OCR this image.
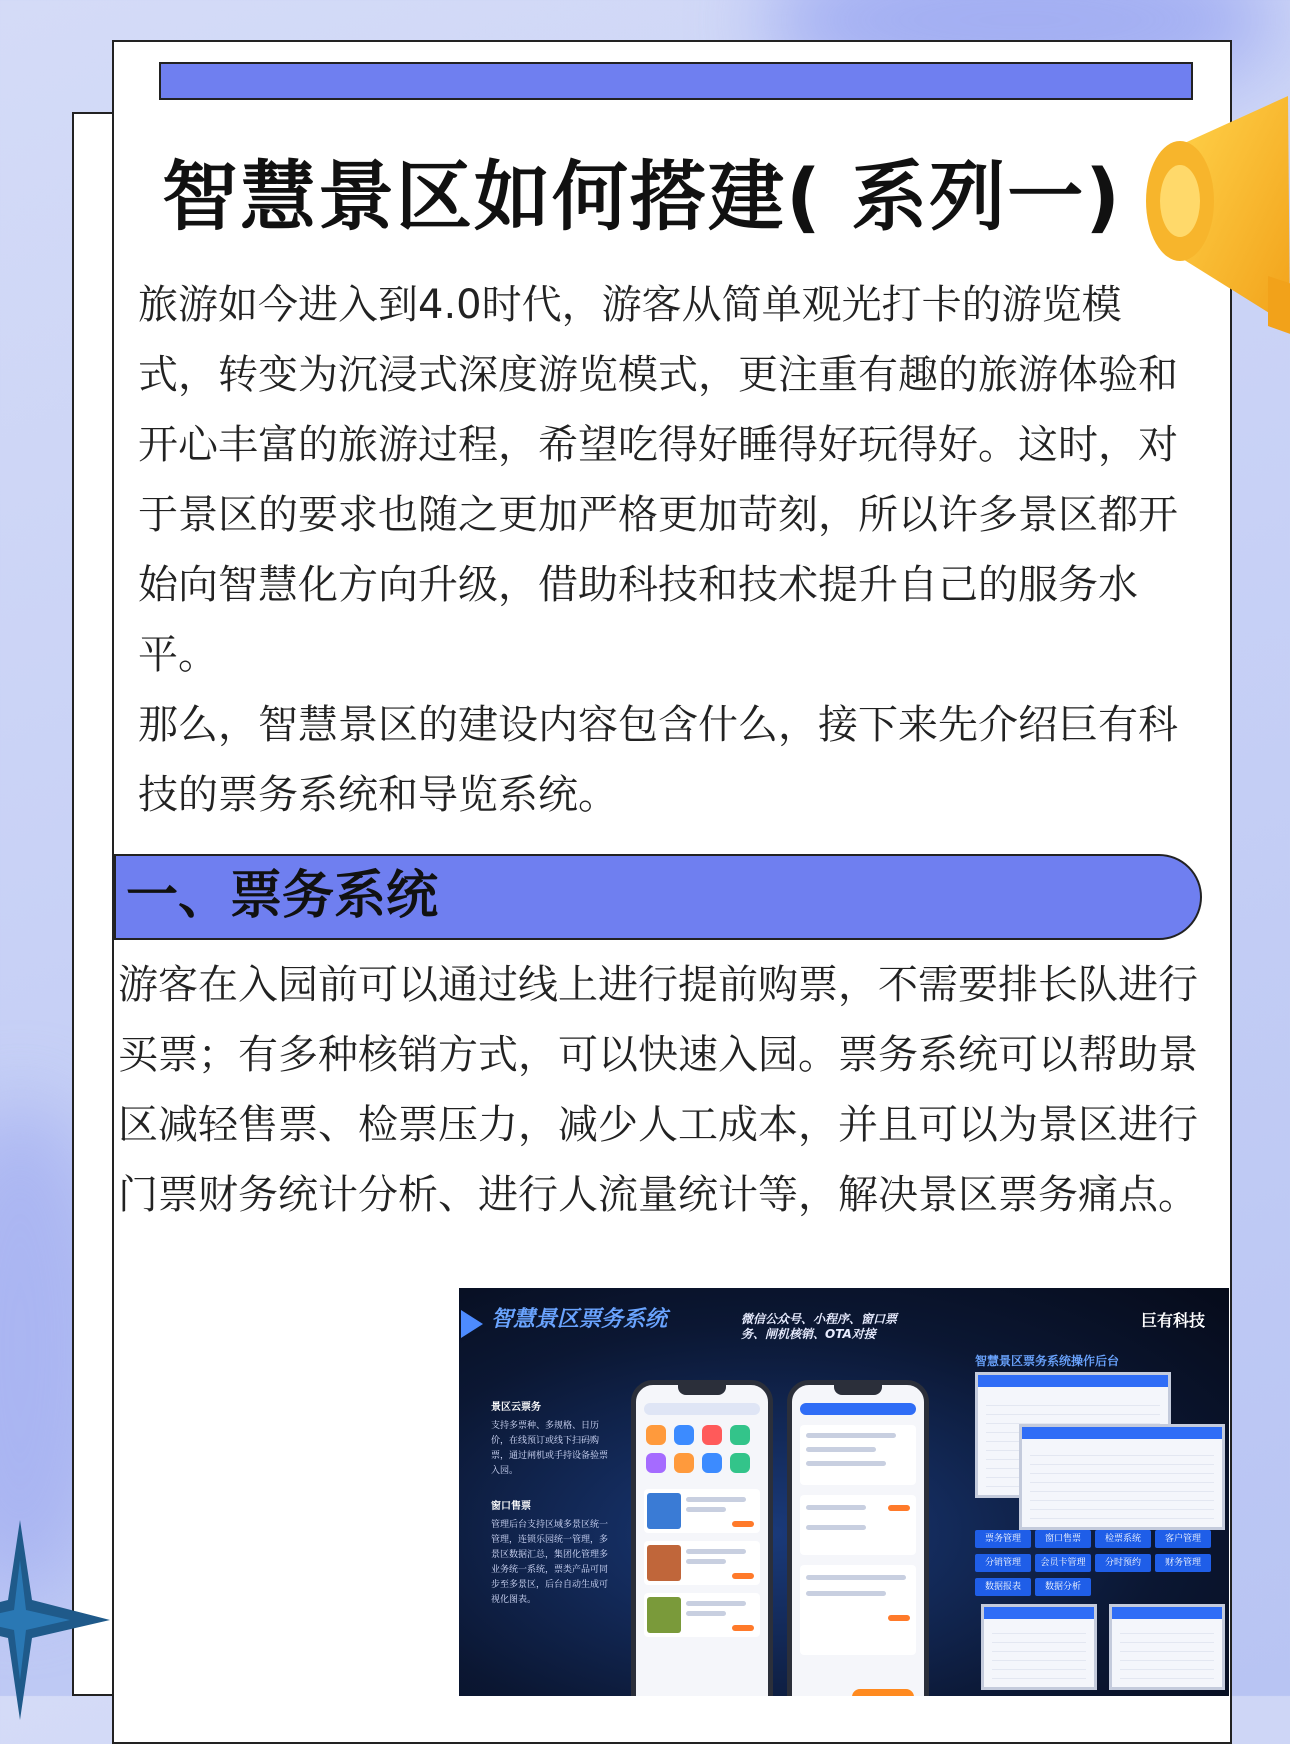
智慧景区如何搭建( 系列一)

旅游如今进入到4.0时代，游客从简单观光打卡的游览模式，转变为沉浸式深度游览模式，更注重有趣的旅游体验和开心丰富的旅游过程，希望吃得好睡得好玩得好。这时，对于景区的要求也随之更加严格更加苛刻，所以许多景区都开始向智慧化方向升级，借助科技和技术提升自己的服务水平。

那么，智慧景区的建设内容包含什么，接下来先介绍巨有科技的票务系统和导览系统。

一、票务系统

游客在入园前可以通过线上进行提前购票，不需要排长队进行买票；有多种核销方式，可以快速入园。票务系统可以帮助景区减轻售票、检票压力，减少人工成本，并且可以为景区进行门票财务统计分析、进行人流量统计等，解决景区票务痛点。

智慧景区票务系统	微信公众号、小程序、窗口票务、闸机核销、OTA对接
巨有科技
智慧景区票务系统操作后台
景区云票务

支持多票种、多规格、日历价，在线预订或线下扫码购票，通过闸机或手持设备验票入园。

窗口售票

管理后台支持区域多景区统一管理，连锁乐园统一管理，多景区数据汇总，集团化管理多业务统一系统，票类产品可同步至多景区，后台自动生成可视化图表。

票务管理	窗口售票	检票系统	客户管理
分销管理	会员卡管理	分时预约	财务管理
数据报表	数据分析
